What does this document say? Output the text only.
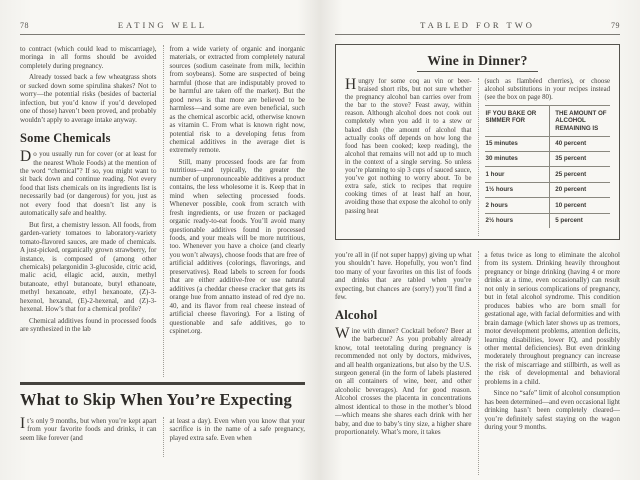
78	EATING WELL

to contract (which could lead to miscarriage), moringa in all forms should be avoided completely during pregnancy.

Already tossed back a few wheatgrass shots or sucked down some spirulina shakes? Not to worry—the potential risks (besides of bacterial infection, but you’d know if you’d developed one of those) haven’t been proved, and probably wouldn’t apply to average intake anyway.

Some Chemicals

Do you usually run for cover (or at least for the nearest Whole Foods) at the mention of the word “chemical”? If so, you might want to sit back down and continue reading. Not every food that lists chemicals on its ingredients list is necessarily bad (or dangerous) for you, just as not every food that doesn’t list any is automatically safe and healthy.

But first, a chemistry lesson. All foods, from garden-variety tomatoes to laboratory-variety tomato-flavored sauces, are made of chemicals. A just-picked, organically grown strawberry, for instance, is composed of (among other chemicals) pelargonidin 3-glucoside, citric acid, malic acid, ellagic acid, auxin, methyl butanoate, ethyl butanoate, butyl ethanoate, methyl hexanoate, ethyl hexanoate, (Z)-3-hexenol, hexanal, (E)-2-hexenal, and (Z)-3-hexenal. How’s that for a chemical profile?

Chemical additives found in processed foods are synthesized in the lab

from a wide variety of organic and inorganic materials, or extracted from completely natural sources (sodium caseinate from milk, lecithin from soybeans). Some are suspected of being harmful (those that are indisputably proved to be harmful are taken off the market). But the good news is that more are believed to be harmless—and some are even beneficial, such as the chemical ascorbic acid, otherwise known as vitamin C. From what is known right now, potential risk to a developing fetus from chemical additives in the average diet is extremely remote.

Still, many processed foods are far from nutritious—and typically, the greater the number of unpronounceable additives a product contains, the less wholesome it is. Keep that in mind when selecting processed foods. Whenever possible, cook from scratch with fresh ingredients, or use frozen or packaged organic ready-to-eat foods. You’ll avoid many questionable additives found in processed foods, and your meals will be more nutritious, too. Whenever you have a choice (and clearly you won’t always), choose foods that are free of artificial additives (colorings, flavorings, and preservatives). Read labels to screen for foods that are either additive-free or use natural additives (a cheddar cheese cracker that gets its orange hue from annatto instead of red dye no. 40, and its flavor from real cheese instead of artificial cheese flavoring). For a listing of questionable and safe additives, go to cspinet.org.

What to Skip When You’re Expecting

It’s only 9 months, but when you’re kept apart from your favorite foods and drinks, it can seem like forever (and

at least a day). Even when you know that your sacrifice is in the name of a safe pregnancy, played extra safe. Even when

TABLED FOR TWO	79
Wine in Dinner?

Hungry for some coq au vin or beer-braised short ribs, but not sure whether the pregnancy alcohol ban carries over from the bar to the stove? Feast away, within reason. Although alcohol does not cook out completely when you add it to a stew or baked dish (the amount of alcohol that actually cooks off depends on how long the food has been cooked; keep reading), the alcohol that remains will not add up to much in the context of a single serving. So unless you’re planning to sip 3 cups of sauced sauce, you’ve got nothing to worry about. To be extra safe, stick to recipes that require cooking times of at least half an hour, avoiding those that expose the alcohol to only passing heat

(such as flambéed cherries), or choose alcohol substitutions in your recipes instead (see the box on page 80).

IF YOU BAKE OR SIMMER FOR	THE AMOUNT OF ALCOHOL REMAINING IS
15 minutes	40 percent
30 minutes	35 percent
1 hour	25 percent
1½ hours	20 percent
2 hours	10 percent
2½ hours	5 percent

you’re all in (if not super happy) giving up what you shouldn’t have. Hopefully, you won’t find too many of your favorites on this list of foods and drinks that are tabled when you’re expecting, but chances are (sorry!) you’ll find a few.

Alcohol

Wine with dinner? Cocktail before? Beer at the barbecue? As you probably already know, total teetotaling during pregnancy is recommended not only by doctors, midwives, and all health organizations, but also by the U.S. surgeon general (in the form of labels plastered on all containers of wine, beer, and other alcoholic beverages). And for good reason. Alcohol crosses the placenta in concentrations almost identical to those in the mother’s blood—which means she shares each drink with her baby, and due to baby’s tiny size, a higher share proportionately. What’s more, it takes

a fetus twice as long to eliminate the alcohol from its system. Drinking heavily throughout pregnancy or binge drinking (having 4 or more drinks at a time, even occasionally) can result not only in serious complications of pregnancy, but in fetal alcohol syndrome. This condition produces babies who are born small for gestational age, with facial deformities and with brain damage (which later shows up as tremors, motor development problems, attention deficits, learning disabilities, lower IQ, and possibly other mental deficiencies). But even drinking moderately throughout pregnancy can increase the risk of miscarriage and stillbirth, as well as the risk of developmental and behavioral problems in a child.

Since no “safe” limit of alcohol consumption has been determined—and even occasional light drinking hasn’t been completely cleared—you’re definitely safest staying on the wagon during your 9 months.
